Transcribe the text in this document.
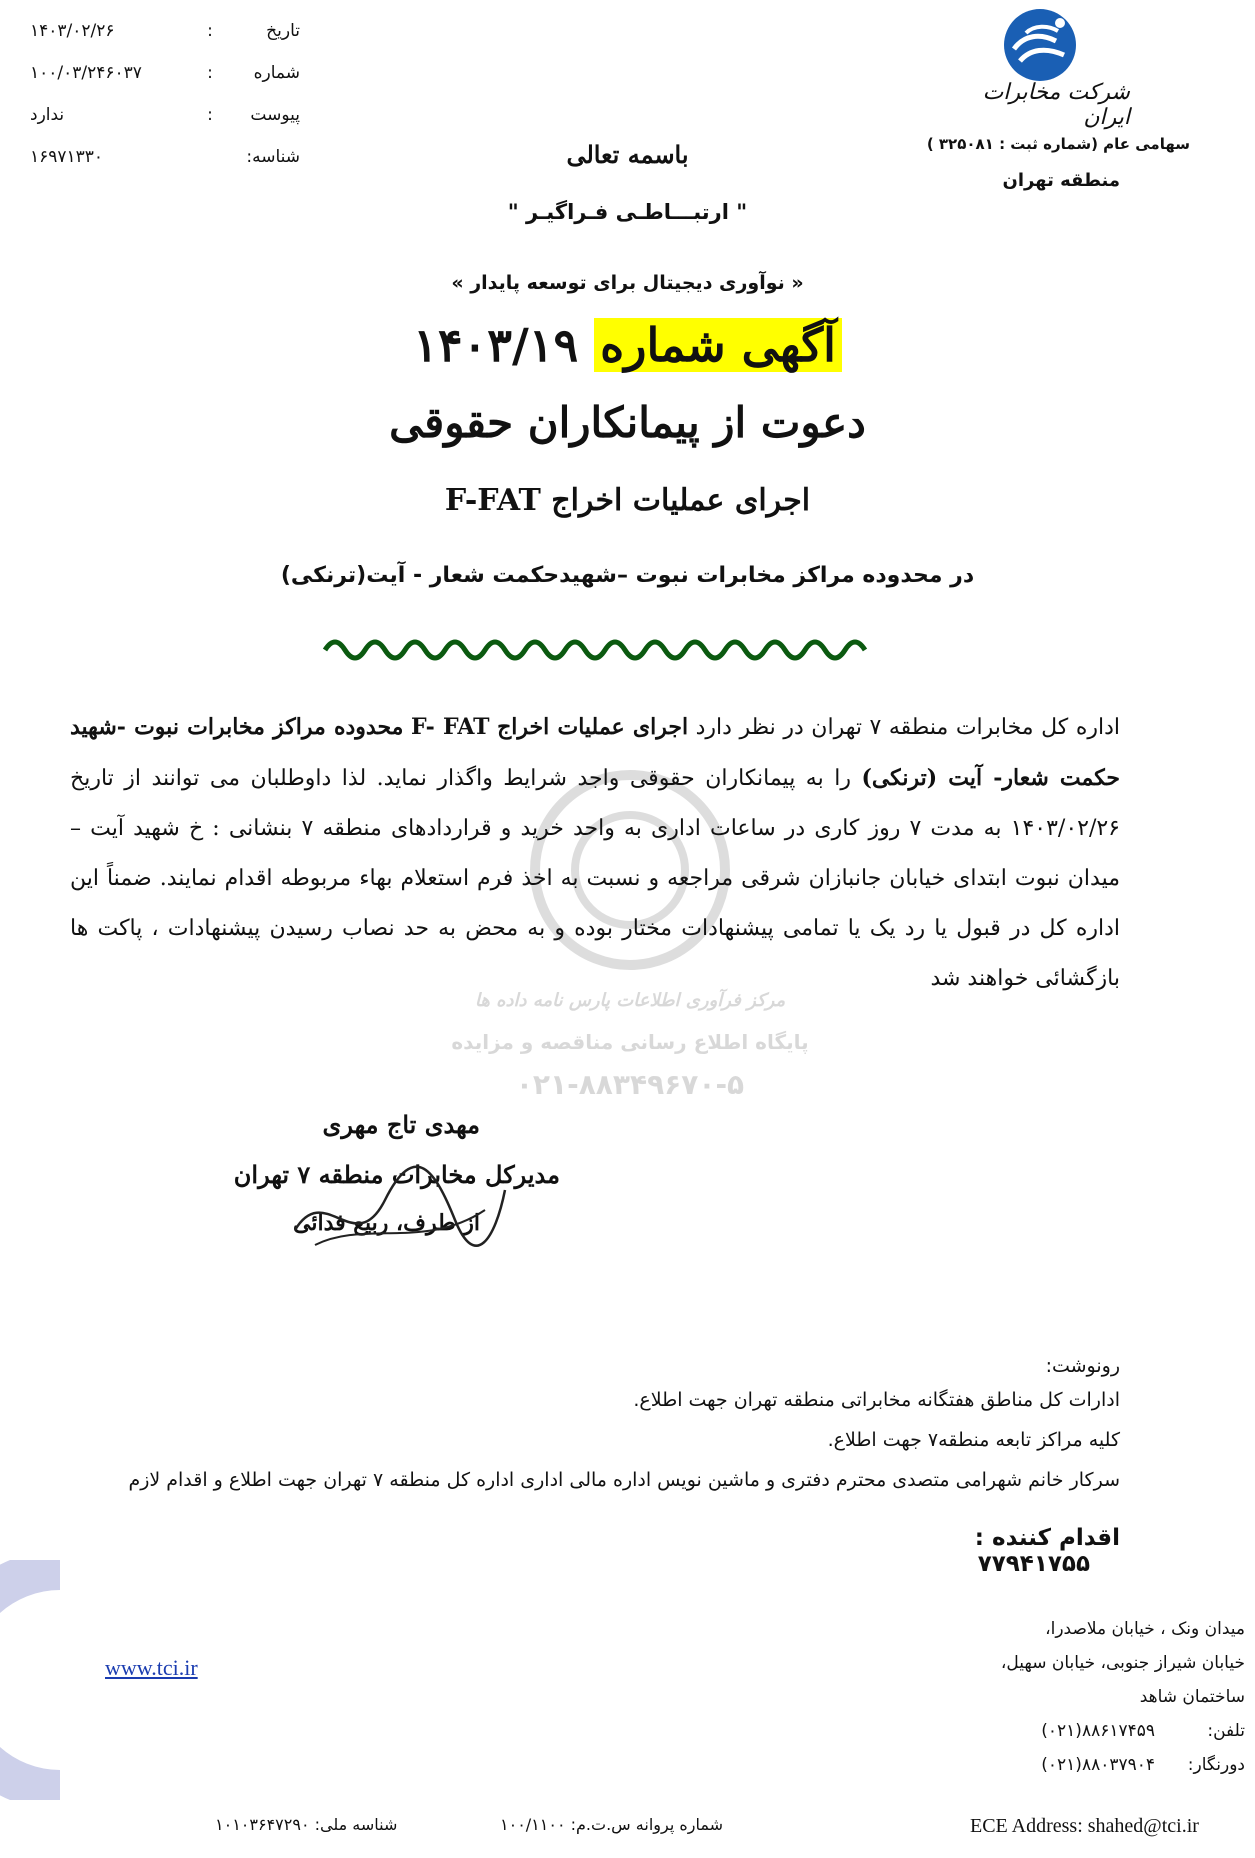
تاریخ
:
۱۴۰۳/۰۲/۲۶
شماره
:
۱۰۰/۰۳/۲۴۶۰۳۷
پیوست
:
ندارد
شناسه:
۱۶۹۷۱۳۳۰
شرکت مخابرات ایران
سهامی عام (شماره ثبت : ۳۲۵۰۸۱ )
منطقه تهران
باسمه تعالی
" ارتبـــاطـی فـراگیـر "
« نوآوری دیجیتال برای توسعه پایدار »
آگهی شماره ۱۴۰۳/۱۹
دعوت از پیمانکاران حقوقی
اجرای عملیات اخراج F-FAT
در محدوده مراکز مخابرات نبوت –شهیدحکمت شعار - آیت(ترنکی)
مرکز فرآوری اطلاعات پارس نامه داده ها
پایگاه اطلاع رسانی مناقصه و مزایده
۰۲۱-۸۸۳۴۹۶۷۰-۵
اداره کل مخابرات منطقه ۷ تهران در نظر دارد اجرای عملیات اخراج F- FAT محدوده مراکز مخابرات نبوت -شهید حکمت شعار- آیت (ترنکی) را به پیمانکاران حقوقی واجد شرایط واگذار نماید. لذا داوطلبان می توانند از تاریخ ۱۴۰۳/۰۲/۲۶ به مدت ۷ روز کاری در ساعات اداری به واحد خرید و قراردادهای منطقه ۷ بنشانی : خ شهید آیت – میدان نبوت ابتدای خیابان جانبازان شرقی مراجعه و نسبت به اخذ فرم استعلام بهاء مربوطه اقدام نمایند. ضمناً این اداره کل در قبول یا رد یک یا تمامی پیشنهادات مختار بوده و به محض به حد نصاب رسیدن پیشنهادات ، پاکت ها بازگشائی خواهند شد
مهدی تاج مهری
مدیرکل مخابرات منطقه ۷ تهران
از طرف، ربیع فدائی
رونوشت:
ادارات کل مناطق هفتگانه مخابراتی منطقه تهران جهت اطلاع.
کلیه مراکز تابعه منطقه۷ جهت اطلاع.
سرکار خانم شهرامی متصدی محترم دفتری و ماشین نویس اداره مالی اداری اداره کل منطقه ۷ تهران جهت اطلاع و اقدام لازم
اقدام کننده : ۷۷۹۴۱۷۵۵
www.tci.ir
میدان ونک ، خیابان ملاصدرا،
خیابان شیراز جنوبی، خیابان سهیل،
ساختمان شاهد
تلفن:
(۰۲۱)۸۸۶۱۷۴۵۹
دورنگار:
(۰۲۱)۸۸۰۳۷۹۰۴
ECE Address: shahed@tci.ir
شماره پروانه س.ت.م: ۱۰۰/۱۱۰۰
شناسه ملی: ۱۰۱۰۳۶۴۷۲۹۰
